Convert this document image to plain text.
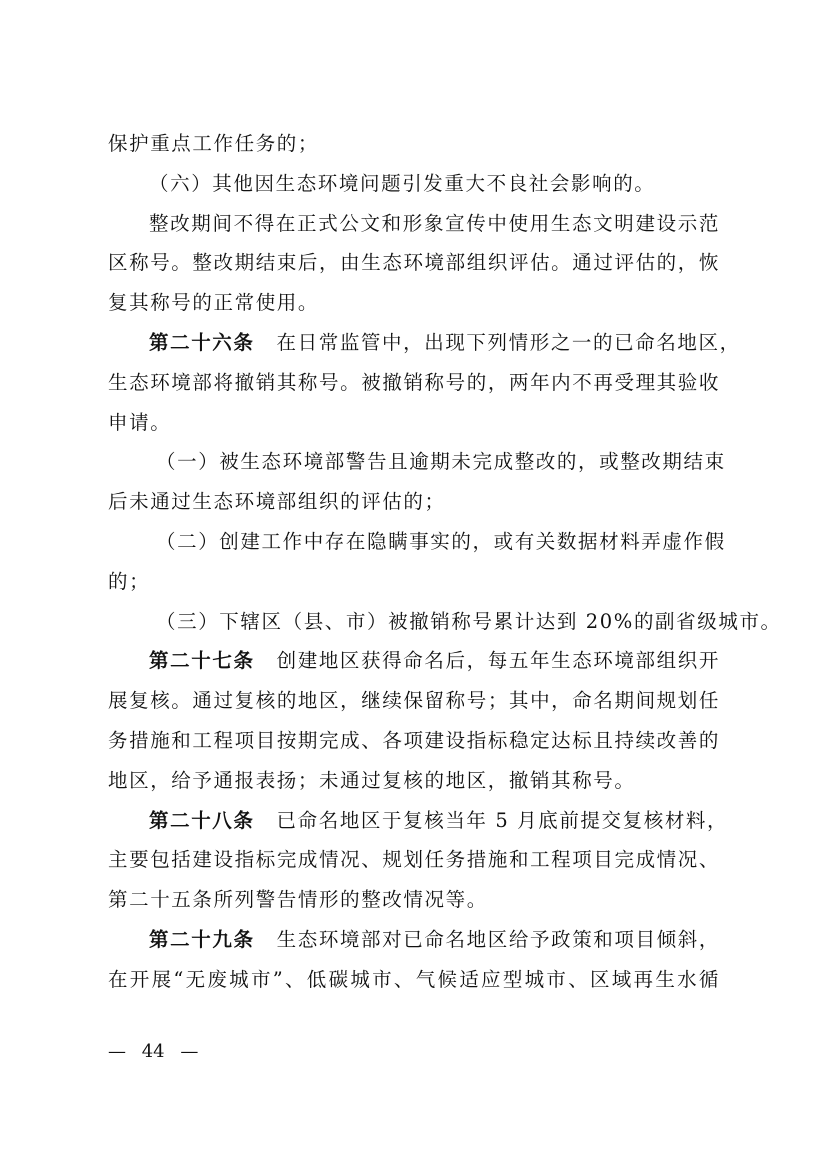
保护重点工作任务的；
（六）其他因生态环境问题引发重大不良社会影响的。
整改期间不得在正式公文和形象宣传中使用生态文明建设示范
区称号。整改期结束后，由生态环境部组织评估。通过评估的，恢
复其称号的正常使用。
第二十六条 在日常监管中，出现下列情形之一的已命名地区，
生态环境部将撤销其称号。被撤销称号的，两年内不再受理其验收
申请。
（一）被生态环境部警告且逾期未完成整改的，或整改期结束
后未通过生态环境部组织的评估的；
（二）创建工作中存在隐瞒事实的，或有关数据材料弄虚作假
的；
（三）下辖区（县、市）被撤销称号累计达到 20%的副省级城市。
第二十七条 创建地区获得命名后，每五年生态环境部组织开
展复核。通过复核的地区，继续保留称号；其中，命名期间规划任
务措施和工程项目按期完成、各项建设指标稳定达标且持续改善的
地区，给予通报表扬；未通过复核的地区，撤销其称号。
第二十八条 已命名地区于复核当年 5 月底前提交复核材料，
主要包括建设指标完成情况、规划任务措施和工程项目完成情况、
第二十五条所列警告情形的整改情况等。
第二十九条 生态环境部对已命名地区给予政策和项目倾斜，
在开展“无废城市”、低碳城市、气候适应型城市、区域再生水循
— 44 —
